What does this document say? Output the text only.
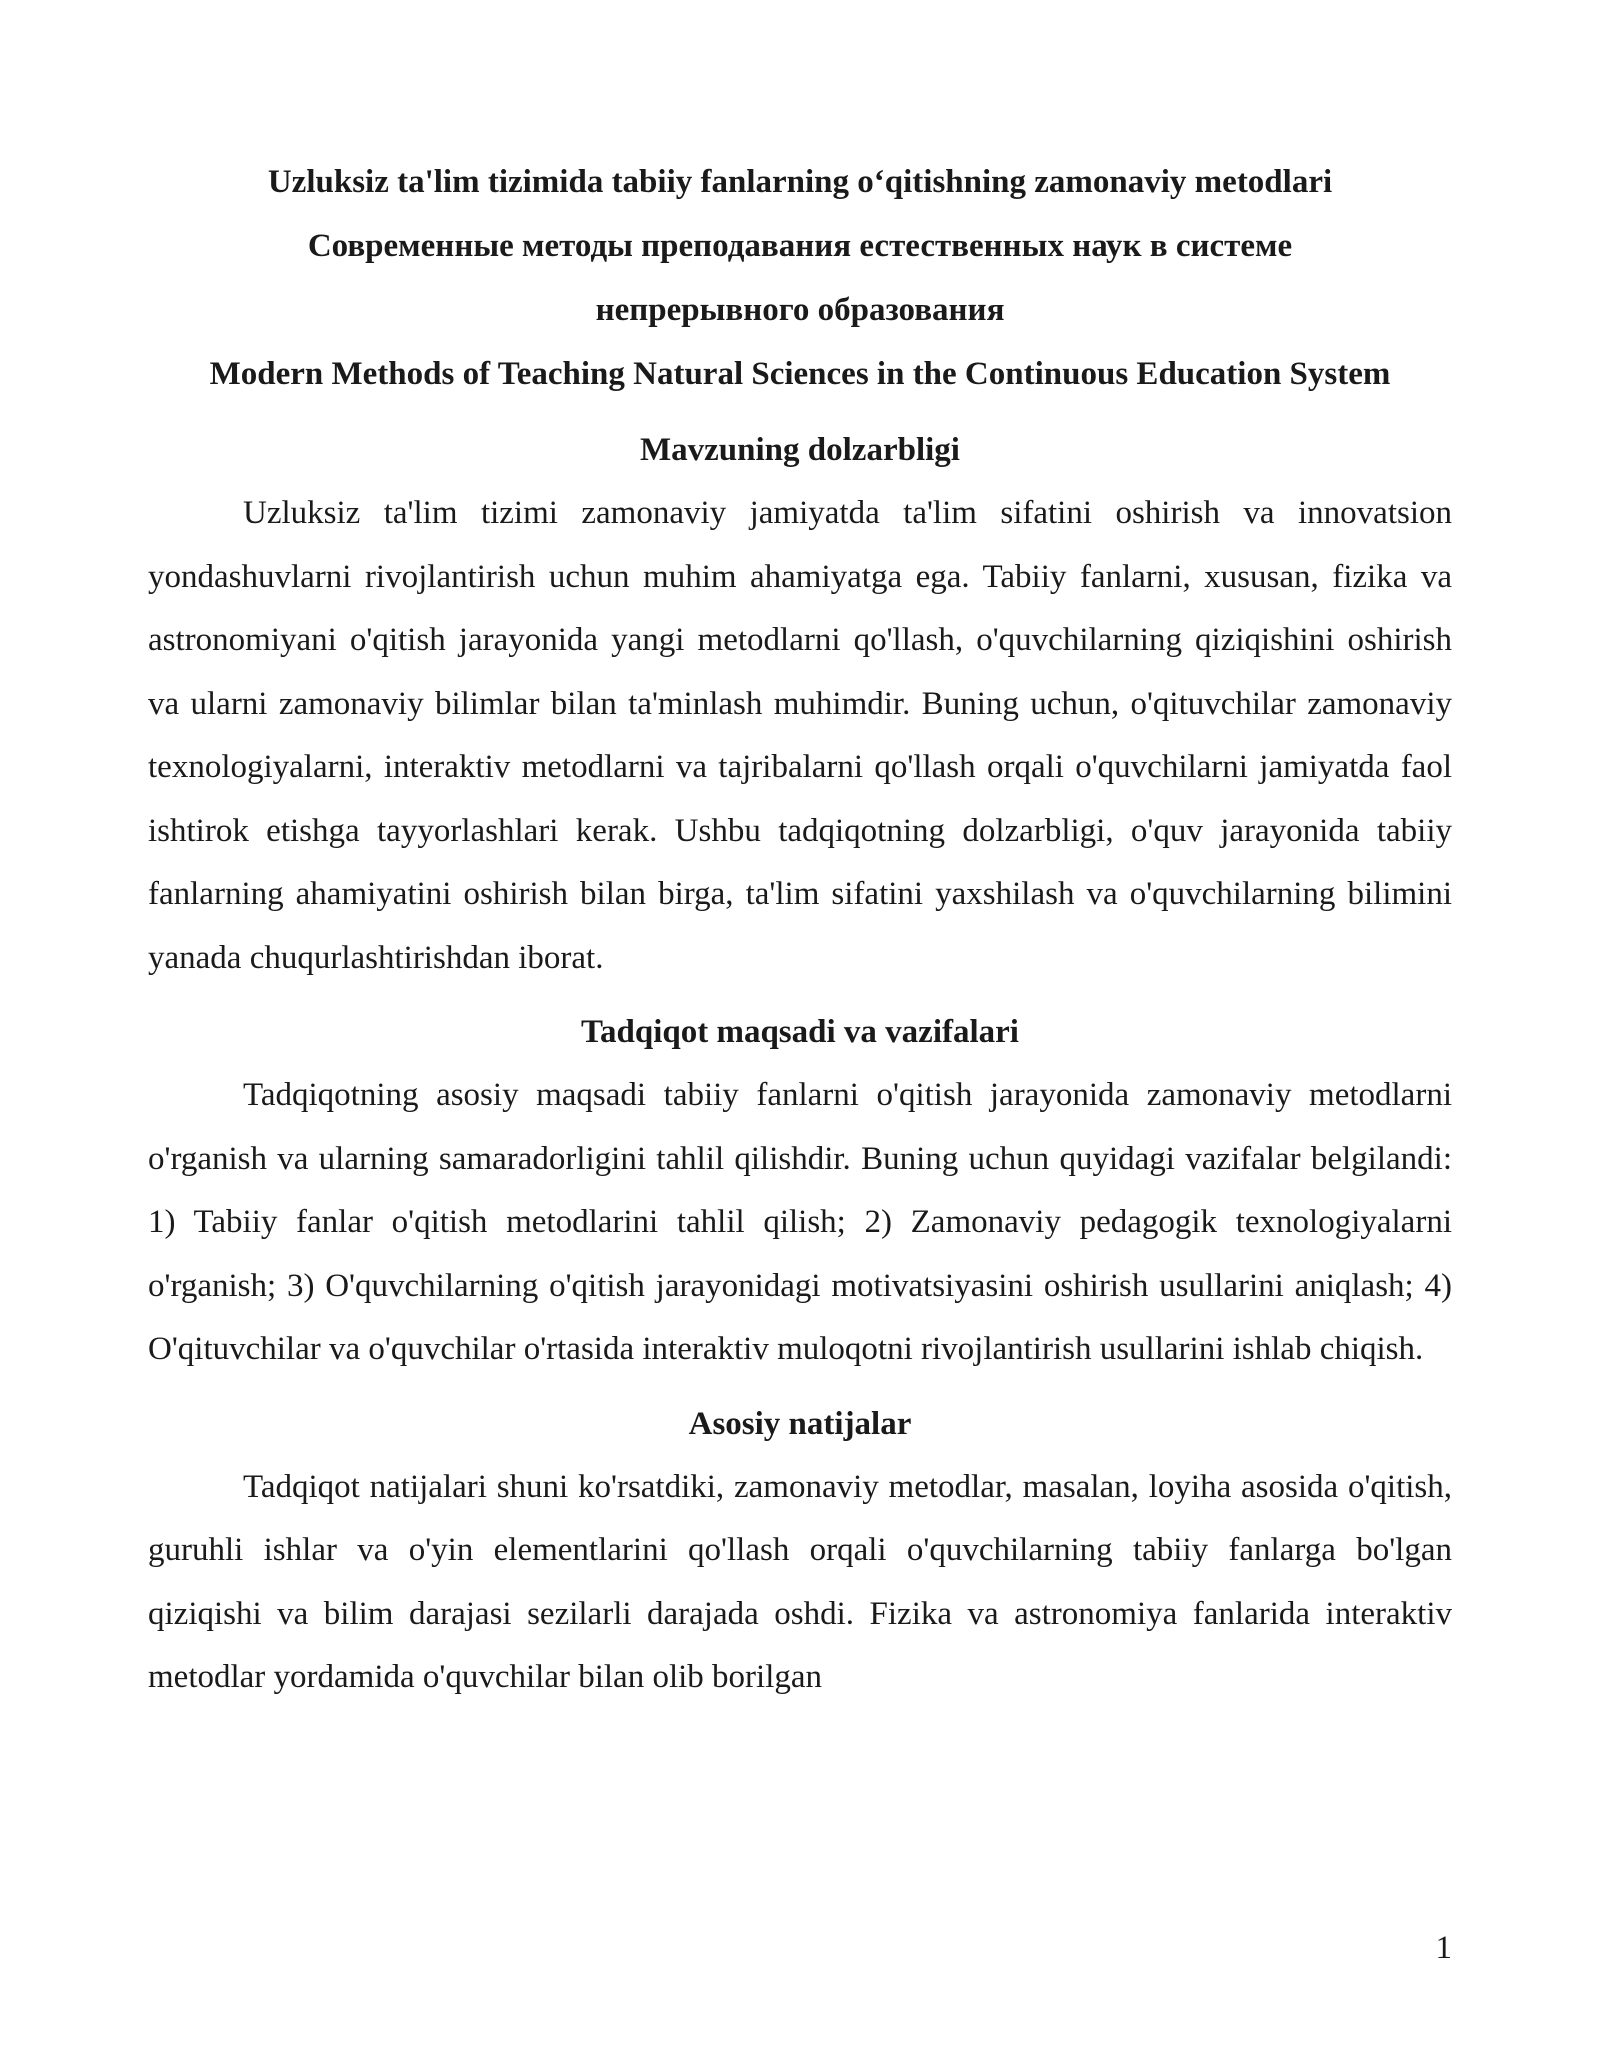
Uzluksiz ta'lim tizimida tabiiy fanlarning o‘qitishning zamonaviy metodlari
Современные методы преподавания естественных наук в системе непрерывного образования
Modern Methods of Teaching Natural Sciences in the Continuous Education System
Mavzuning dolzarbligi

Uzluksiz ta'lim tizimi zamonaviy jamiyatda ta'lim sifatini oshirish va innovatsion yondashuvlarni rivojlantirish uchun muhim ahamiyatga ega. Tabiiy fanlarni, xususan, fizika va astronomiyani o'qitish jarayonida yangi metodlarni qo'llash, o'quvchilarning qiziqishini oshirish va ularni zamonaviy bilimlar bilan ta'minlash muhimdir. Buning uchun, o'qituvchilar zamonaviy texnologiyalarni, interaktiv metodlarni va tajribalarni qo'llash orqali o'quvchilarni jamiyatda faol ishtirok etishga tayyorlashlari kerak. Ushbu tadqiqotning dolzarbligi, o'quv jarayonida tabiiy fanlarning ahamiyatini oshirish bilan birga, ta'lim sifatini yaxshilash va o'quvchilarning bilimini yanada chuqurlashtirishdan iborat.

Tadqiqot maqsadi va vazifalari

Tadqiqotning asosiy maqsadi tabiiy fanlarni o'qitish jarayonida zamonaviy metodlarni o'rganish va ularning samaradorligini tahlil qilishdir. Buning uchun quyidagi vazifalar belgilandi: 1) Tabiiy fanlar o'qitish metodlarini tahlil qilish; 2) Zamonaviy pedagogik texnologiyalarni o'rganish; 3) O'quvchilarning o'qitish jarayonidagi motivatsiyasini oshirish usullarini aniqlash; 4) O'qituvchilar va o'quvchilar o'rtasida interaktiv muloqotni rivojlantirish usullarini ishlab chiqish.

Asosiy natijalar

Tadqiqot natijalari shuni ko'rsatdiki, zamonaviy metodlar, masalan, loyiha asosida o'qitish, guruhli ishlar va o'yin elementlarini qo'llash orqali o'quvchilarning tabiiy fanlarga bo'lgan qiziqishi va bilim darajasi sezilarli darajada oshdi. Fizika va astronomiya fanlarida interaktiv metodlar yordamida o'quvchilar bilan olib borilgan

1
